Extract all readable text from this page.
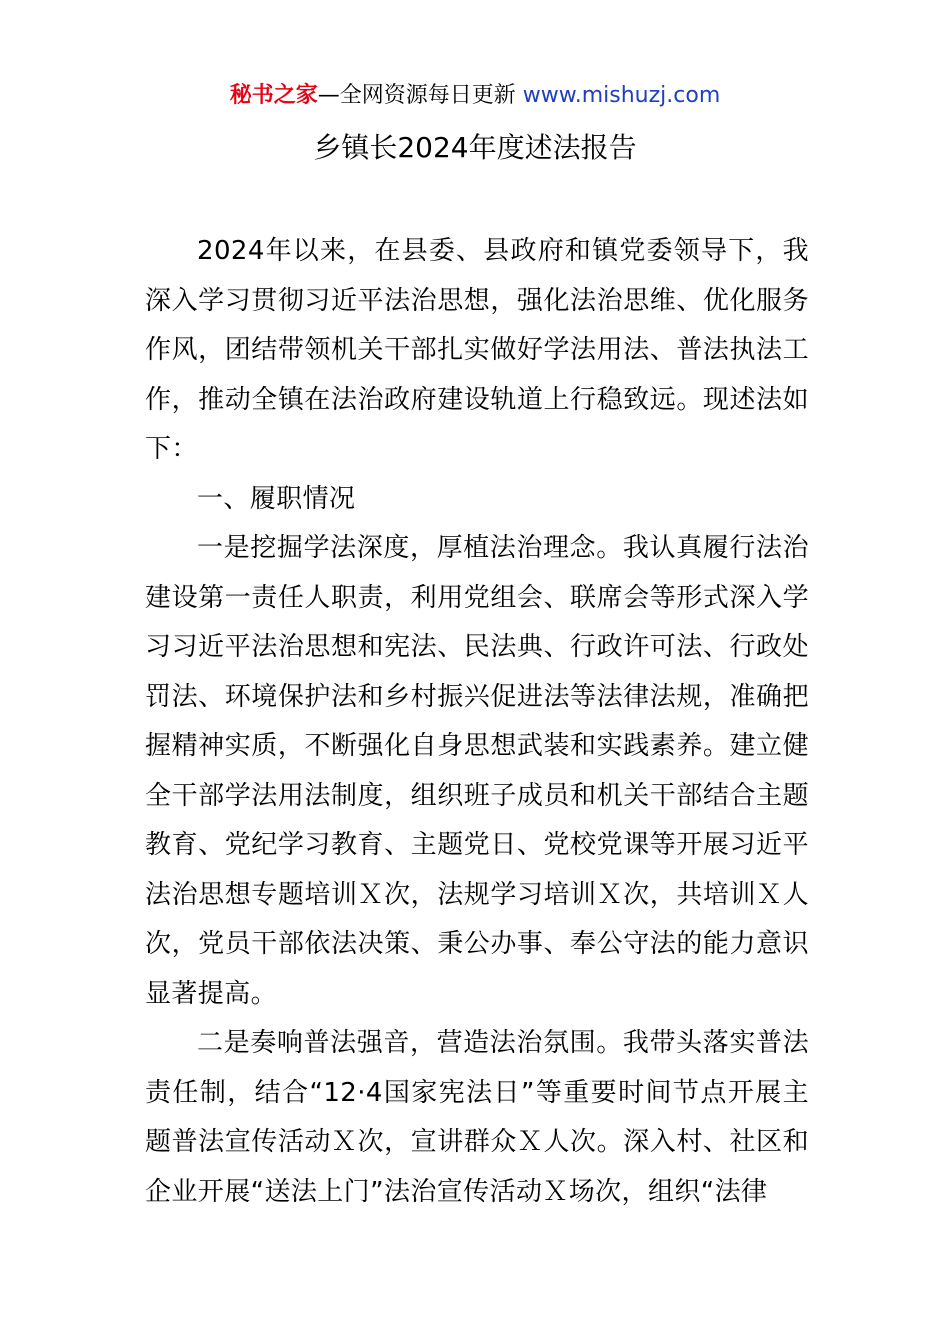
秘书之家—全网资源每日更新 www.mishuzj.com
乡镇长2024年度述法报告

2024年以来，在县委、县政府和镇党委领导下，我深入学习贯彻习近平法治思想，强化法治思维、优化服务作风，团结带领机关干部扎实做好学法用法、普法执法工作，推动全镇在法治政府建设轨道上行稳致远。现述法如下：

一、履职情况

一是挖掘学法深度，厚植法治理念。我认真履行法治建设第一责任人职责，利用党组会、联席会等形式深入学习习近平法治思想和宪法、民法典、行政许可法、行政处罚法、环境保护法和乡村振兴促进法等法律法规，准确把握精神实质，不断强化自身思想武装和实践素养。建立健全干部学法用法制度，组织班子成员和机关干部结合主题教育、党纪学习教育、主题党日、党校党课等开展习近平法治思想专题培训Ｘ次，法规学习培训Ｘ次，共培训Ｘ人次，党员干部依法决策、秉公办事、奉公守法的能力意识显著提高。

二是奏响普法强音，营造法治氛围。我带头落实普法责任制，结合“12·4国家宪法日”等重要时间节点开展主题普法宣传活动Ｘ次，宣讲群众Ｘ人次。深入村、社区和企业开展“送法上门”法治宣传活动Ｘ场次，组织“法律
